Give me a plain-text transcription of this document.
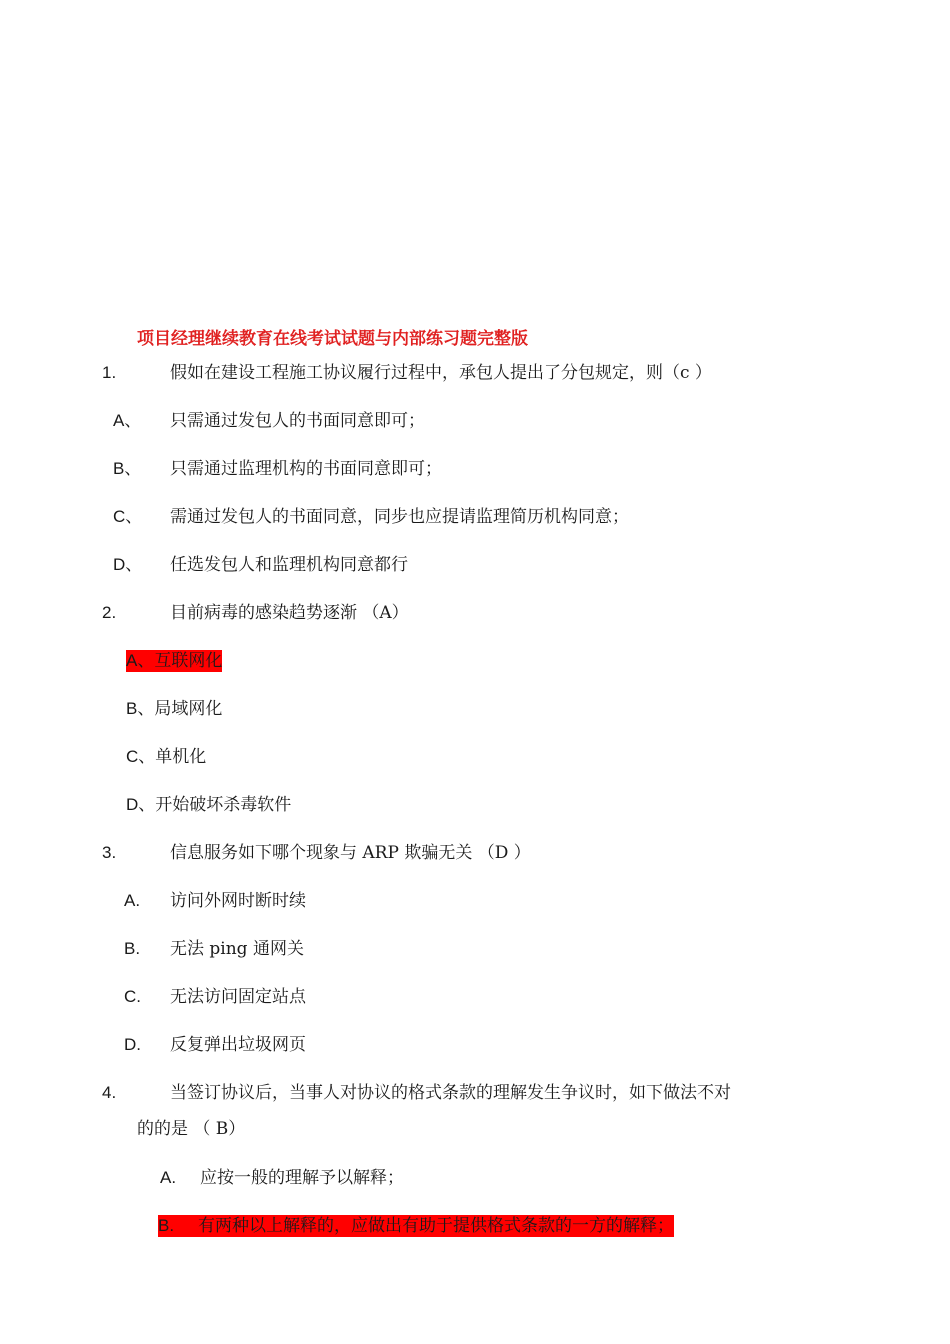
项目经理继续教育在线考试试题与内部练习题完整版
1.	假如在建设工程施工协议履行过程中，承包人提出了分包规定，则（c ）
A、 只需通过发包人的书面同意即可；
B、 只需通过监理机构的书面同意即可；
C、 需通过发包人的书面同意，同步也应提请监理简历机构同意；
D、 任选发包人和监理机构同意都行
2.	目前病毒的感染趋势逐渐 （A）
A、互联网化
B、局域网化
C、单机化
D、开始破坏杀毒软件
3.	信息服务如下哪个现象与 ARP 欺骗无关 （D ）
A. 访问外网时断时续
B. 无法 ping 通网关
C. 无法访问固定站点
D. 反复弹出垃圾网页
4.	当签订协议后，当事人对协议的格式条款的理解发生争议时，如下做法不对
的的是 （ B）
A. 应按一般的理解予以解释；
B. 有两种以上解释的，应做出有助于提供格式条款的一方的解释；
